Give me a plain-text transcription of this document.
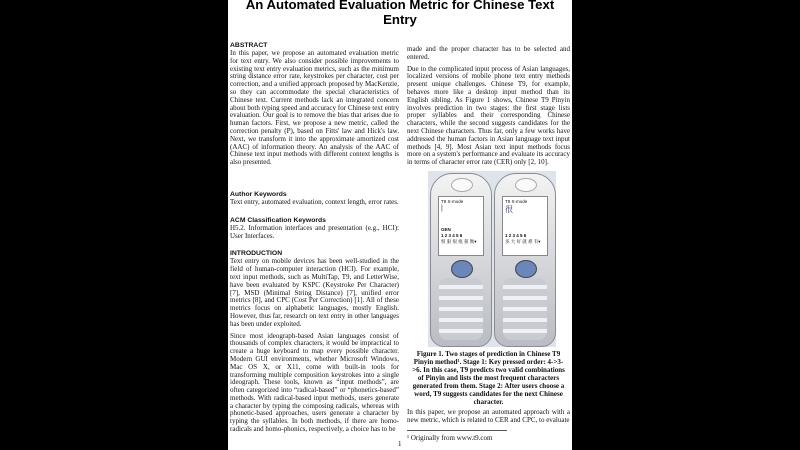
An Automated Evaluation Metric for Chinese Text Entry
ABSTRACT

In this paper, we propose an automated evaluation metric for text entry. We also consider possible improvements to existing text entry evaluation metrics, such as the minimum string distance error rate, keystrokes per character, cost per correction, and a unified approach proposed by MacKenzie, so they can accommodate the special characteristics of Chinese text. Current methods lack an integrated concern about both typing speed and accuracy for Chinese text entry evaluation. Our goal is to remove the bias that arises due to human factors. First, we propose a new metric, called the correction penalty (P), based on Fitts' law and Hick's law. Next, we transform it into the approximate amortized cost (AAC) of information theory. An analysis of the AAC of Chinese text input methods with different context lengths is also presented.

Author Keywords

Text entry, automated evaluation, context length, error rates.

ACM Classification Keywords

H5.2. Information interfaces and presentation (e.g., HCI): User Interfaces.

INTRODUCTION

Text entry on mobile devices has been well-studied in the field of human-computer interaction (HCI). For example, text input methods, such as MultiTap, T9, and LetterWise, have been evaluated by KSPC (Keystroke Per Character) [7], MSD (Minimal String Distance) [7], unified error metrics [8], and CPC (Cost Per Correction) [1]. All of these metrics focus on alphabetic languages, mostly English. However, thus far, research on text entry in other languages has been under exploited.

Since most ideograph-based Asian languages consist of thousands of complex characters, it would be impractical to create a huge keyboard to map every possible character. Modern GUI environments, whether Microsoft Windows, Mac OS X, or X11, come with built-in tools for transforming multiple composition keystrokes into a single ideograph. These tools, known as “input methods”, are often categorized into “radical-based” or “phonetics-based” methods. With radical-based input methods, users generate a character by typing the composing radicals, whereas with phonetic-based approaches, users generate a character by typing the syllables. In both methods, if there are homo-radicals and homo-phonics, respectively, a choice has to be

made and the proper character has to be selected and entered.

Due to the complicated input process of Asian languages, localized versions of mobile phone text entry methods present unique challenges. Chinese T9, for example, behaves more like a desktop input method than its English sibling. As Figure 1 shows, Chinese T9 Pinyin involves prediction in two stages: the first stage lists proper syllables and their corresponding Chinese characters, while the second suggests candidates for the next Chinese characters. Thus far, only a few works have addressed the human factors in Asian language text input methods [4, 9]. Most Asian text input methods focus more on a system's performance and evaluate its accuracy in terms of character error rate (CER) only [2, 10].

T9 S-mode
|
GEN
1 2 3 4 5 6
恨 狠 很 痕 狠 衡▾
T9 S-mode
很
1 2 3 4 5 6
多 大 好 就 难 有▾
Figure 1. Two stages of prediction in Chinese T9 Pinyin method¹. Stage 1: Key pressed order: 4->3->6. In this case, T9 predicts two valid combinations of Pinyin and lists the most frequent characters generated from them. Stage 2: After users choose a word, T9 suggests candidates for the next Chinese character.

In this paper, we propose an automated approach with a new metric, which is related to CER and CPC, to evaluate

¹ Originally from www.t9.com
1
